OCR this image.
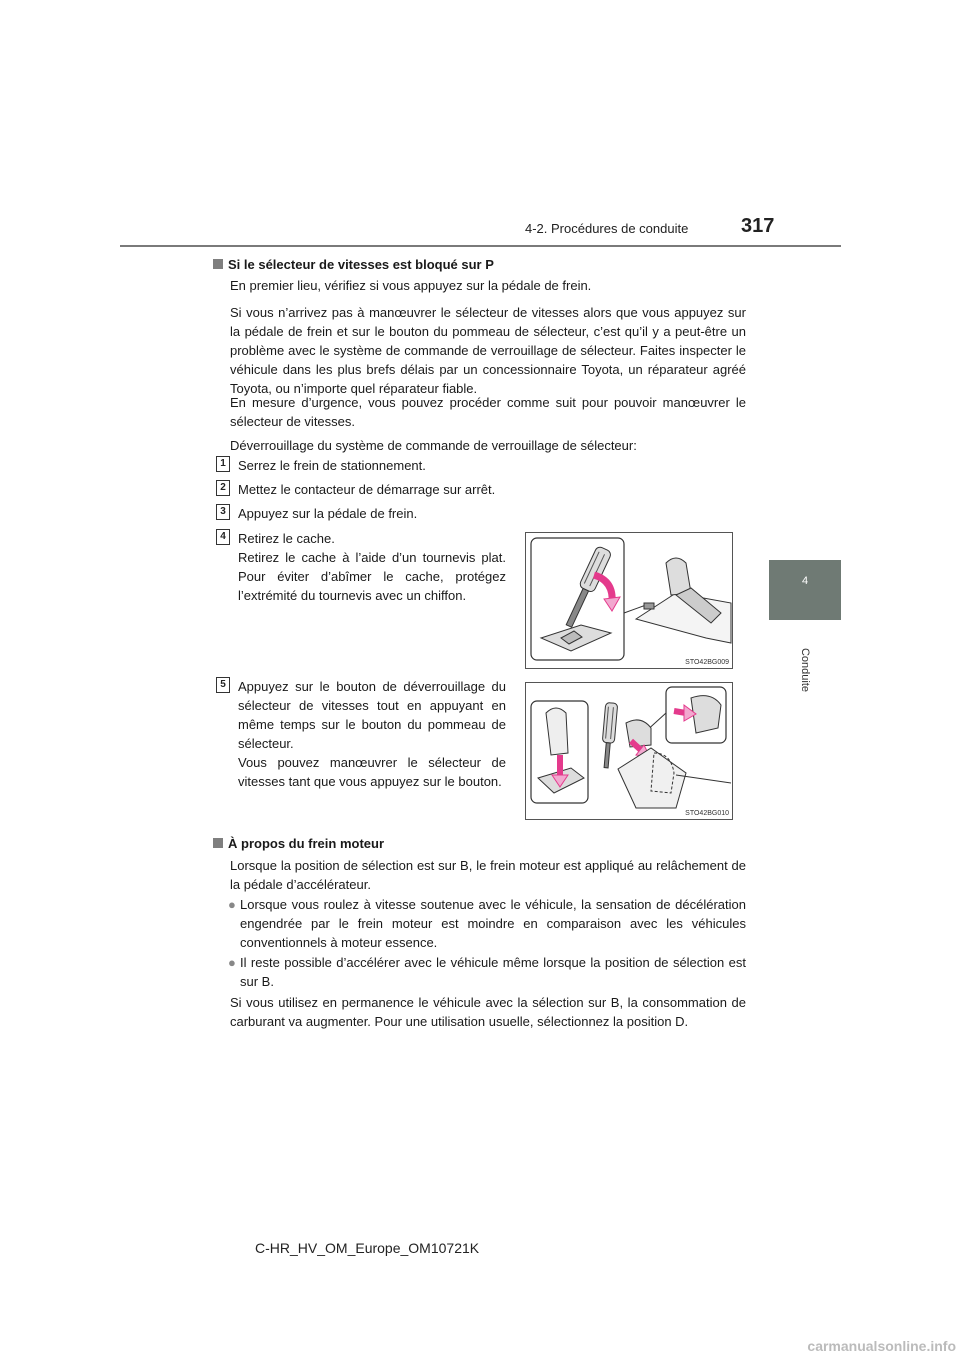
4-2. Procédures de conduite	317
4
Conduite
Si le sélecteur de vitesses est bloqué sur P
En premier lieu, vérifiez si vous appuyez sur la pédale de frein.
Si vous n’arrivez pas à manœuvrer le sélecteur de vitesses alors que vous appuyez sur la pédale de frein et sur le bouton du pommeau de sélecteur, c’est qu’il y a peut-être un problème avec le système de commande de verrouillage de sélecteur. Faites inspecter le véhicule dans les plus brefs délais par un concessionnaire Toyota, un réparateur agréé Toyota, ou n’importe quel réparateur fiable.
En mesure d’urgence, vous pouvez procéder comme suit pour pouvoir manœuvrer le sélecteur de vitesses.
Déverrouillage du système de commande de verrouillage de sélecteur:
1 Serrez le frein de stationnement.
2 Mettez le contacteur de démarrage sur arrêt.
3 Appuyez sur la pédale de frein.
4 Retirez le cache.
Retirez le cache à l’aide d’un tournevis plat. Pour éviter d’abîmer le cache, protégez l’extrémité du tournevis avec un chiffon.
STO42BG009
5 Appuyez sur le bouton de déverrouillage du sélecteur de vitesses tout en appuyant en même temps sur le bouton du pommeau de sélecteur.
Vous pouvez manœuvrer le sélecteur de vitesses tant que vous appuyez sur le bouton.
STO42BG010
À propos du frein moteur
Lorsque la position de sélection est sur B, le frein moteur est appliqué au relâchement de la pédale d’accélérateur.
● Lorsque vous roulez à vitesse soutenue avec le véhicule, la sensation de décélération engendrée par le frein moteur est moindre en comparaison avec les véhicules conventionnels à moteur essence.
● Il reste possible d’accélérer avec le véhicule même lorsque la position de sélection est sur B.
Si vous utilisez en permanence le véhicule avec la sélection sur B, la consommation de carburant va augmenter. Pour une utilisation usuelle, sélectionnez la position D.
C-HR_HV_OM_Europe_OM10721K
carmanualsonline.info
